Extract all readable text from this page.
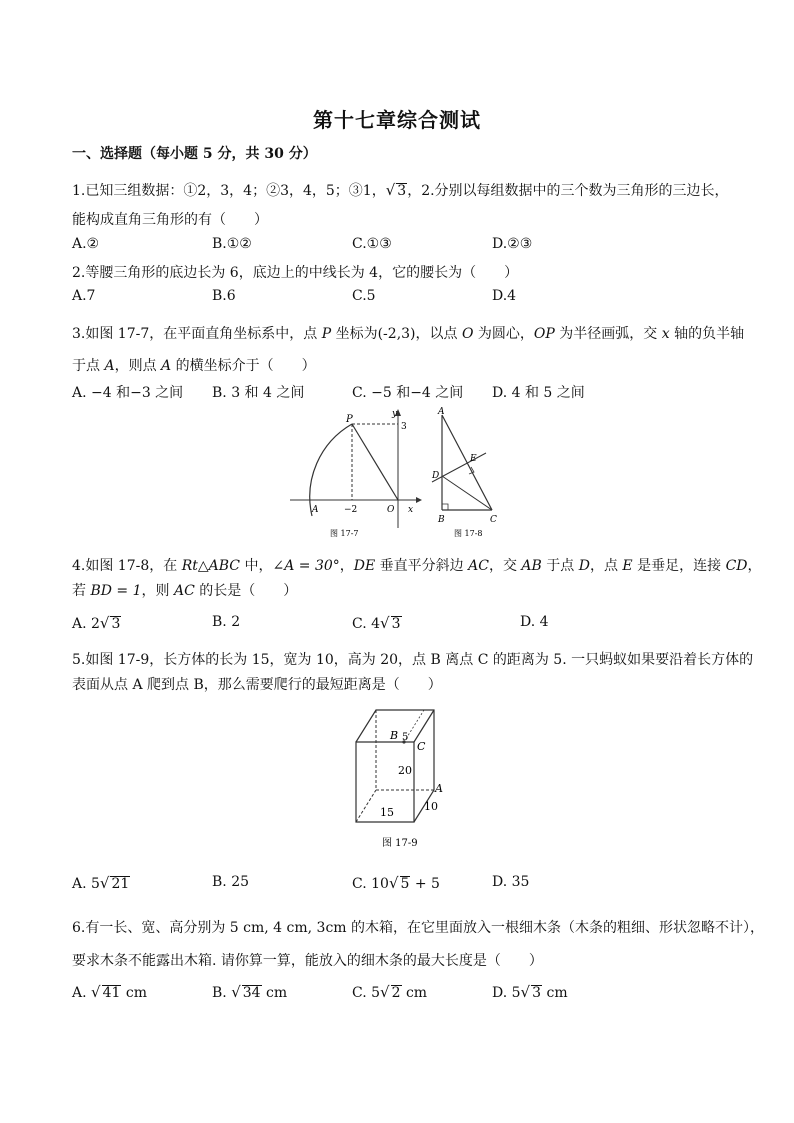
第十七章综合测试
一、选择题（每小题 5 分，共 30 分）
1.已知三组数据：①2，3，4；②3，4，5；③1，√ 3，2.分别以每组数据中的三个数为三角形的三边长，
能构成直角三角形的有（　　）
A.②	B.①②	C.①③	D.②③
2.等腰三角形的底边长为 6，底边上的中线长为 4，它的腰长为（　　）
A.7	B.6	C.5	D.4
3.如图 17-7，在平面直角坐标系中，点 P 坐标为(-2,3)，以点 O 为圆心，OP 为半径画弧，交 x 轴的负半轴
于点 A，则点 A 的横坐标介于（　　）
A. −4 和−3 之间 B. 3 和 4 之间	C. −5 和−4 之间 D. 4 和 5 之间
P	y
3
A	−2	O x
图 17-7
A
E
D
B	C
图 17-8
4.如图 17-8，在 Rt△ABC 中，∠A = 30°，DE 垂直平分斜边 AC，交 AB 于点 D，点 E 是垂足，连接 CD，
若 BD = 1，则 AC 的长是（　　）
A. 2√ 3	B. 2	C. 4√ 3	D. 4
5.如图 17-9，长方体的长为 15，宽为 10，高为 20，点 B 离点 C 的距离为 5. 一只蚂蚁如果要沿着长方体的
表面从点 A 爬到点 B，那么需要爬行的最短距离是（　　）
B 5
C
20
A
15	10
图 17-9
A. 5√ 21	B. 25	C. 10√ 5 + 5	D. 35
6.有一长、宽、高分别为 5 cm, 4 cm, 3cm 的木箱，在它里面放入一根细木条（木条的粗细、形状忽略不计），
要求木条不能露出木箱. 请你算一算，能放入的细木条的最大长度是（　　）
A. √ 41 cm	B. √ 34 cm	C. 5√ 2 cm	D. 5√ 3 cm
